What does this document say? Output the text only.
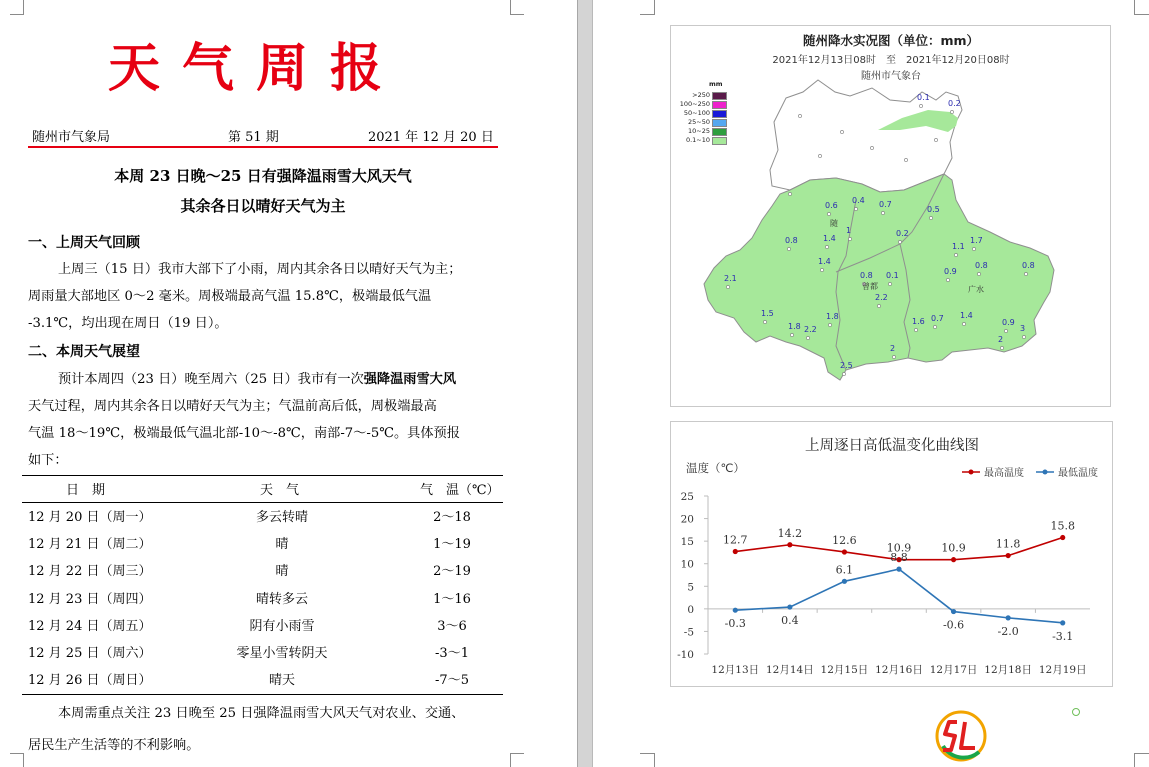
天气周报
随州市气象局	第 51 期	2021 年 12 月 20 日
本周 23 日晚～25 日有强降温雨雪大风天气
其余各日以晴好天气为主
一、上周天气回顾
上周三（15 日）我市大部下了小雨，周内其余各日以晴好天气为主；
周雨量大部地区 0～2 毫米。周极端最高气温 15.8℃，极端最低气温
-3.1℃，均出现在周日（19 日）。
二、本周天气展望
预计本周四（23 日）晚至周六（25 日）我市有一次强降温雨雪大风
天气过程，周内其余各日以晴好天气为主；气温前高后低，周极端最高
气温 18～19℃，极端最低气温北部-10～-8℃，南部-7～-5℃。具体预报
如下：
日　期	天　气	气　温（℃）
12 月 20 日（周一）	多云转晴	2～18
12 月 21 日（周二）	晴	1～19
12 月 22 日（周三）	晴	2～19
12 月 23 日（周四）	晴转多云	1～16
12 月 24 日（周五）	阴有小雨雪	3～6
12 月 25 日（周六）	零星小雪转阴天	-3～1
12 月 26 日（周日）	晴天	-7～5
本周需重点关注 23 日晚至 25 日强降温雨雪大风天气对农业、交通、
居民生产生活等的不利影响。
随州降水实况图（单位：mm）
2021年12月13日08时　至　2021年12月20日08时
随州市气象台
mm
>250
100~250
50~100
25~50
10~25
0.1~10
0.1
0.2
0.6
0.4 0.7
0.5
0.8
1
1.4
0.2
1.1
1.7
1.4	0.8
0.1	0.9
0.8
0.8
2.1
2.2
1.5
1.8
1.8
2.2
1.6 0.7 1.4
0.9
3
2
2
2.5
随
曾都	广水
上周逐日高低温变化曲线图
25
20
15
10
5
0
-5
-10
12月13日 12月14日 12月15日 12月16日 12月17日 12月18日 12月19日
温度（℃）
12.7
14.2
12.6
10.9	10.9	11.8
15.8
-0.3	0.4
6.1
8.8
-0.6	-2.0	-3.1
最高温度	最低温度
